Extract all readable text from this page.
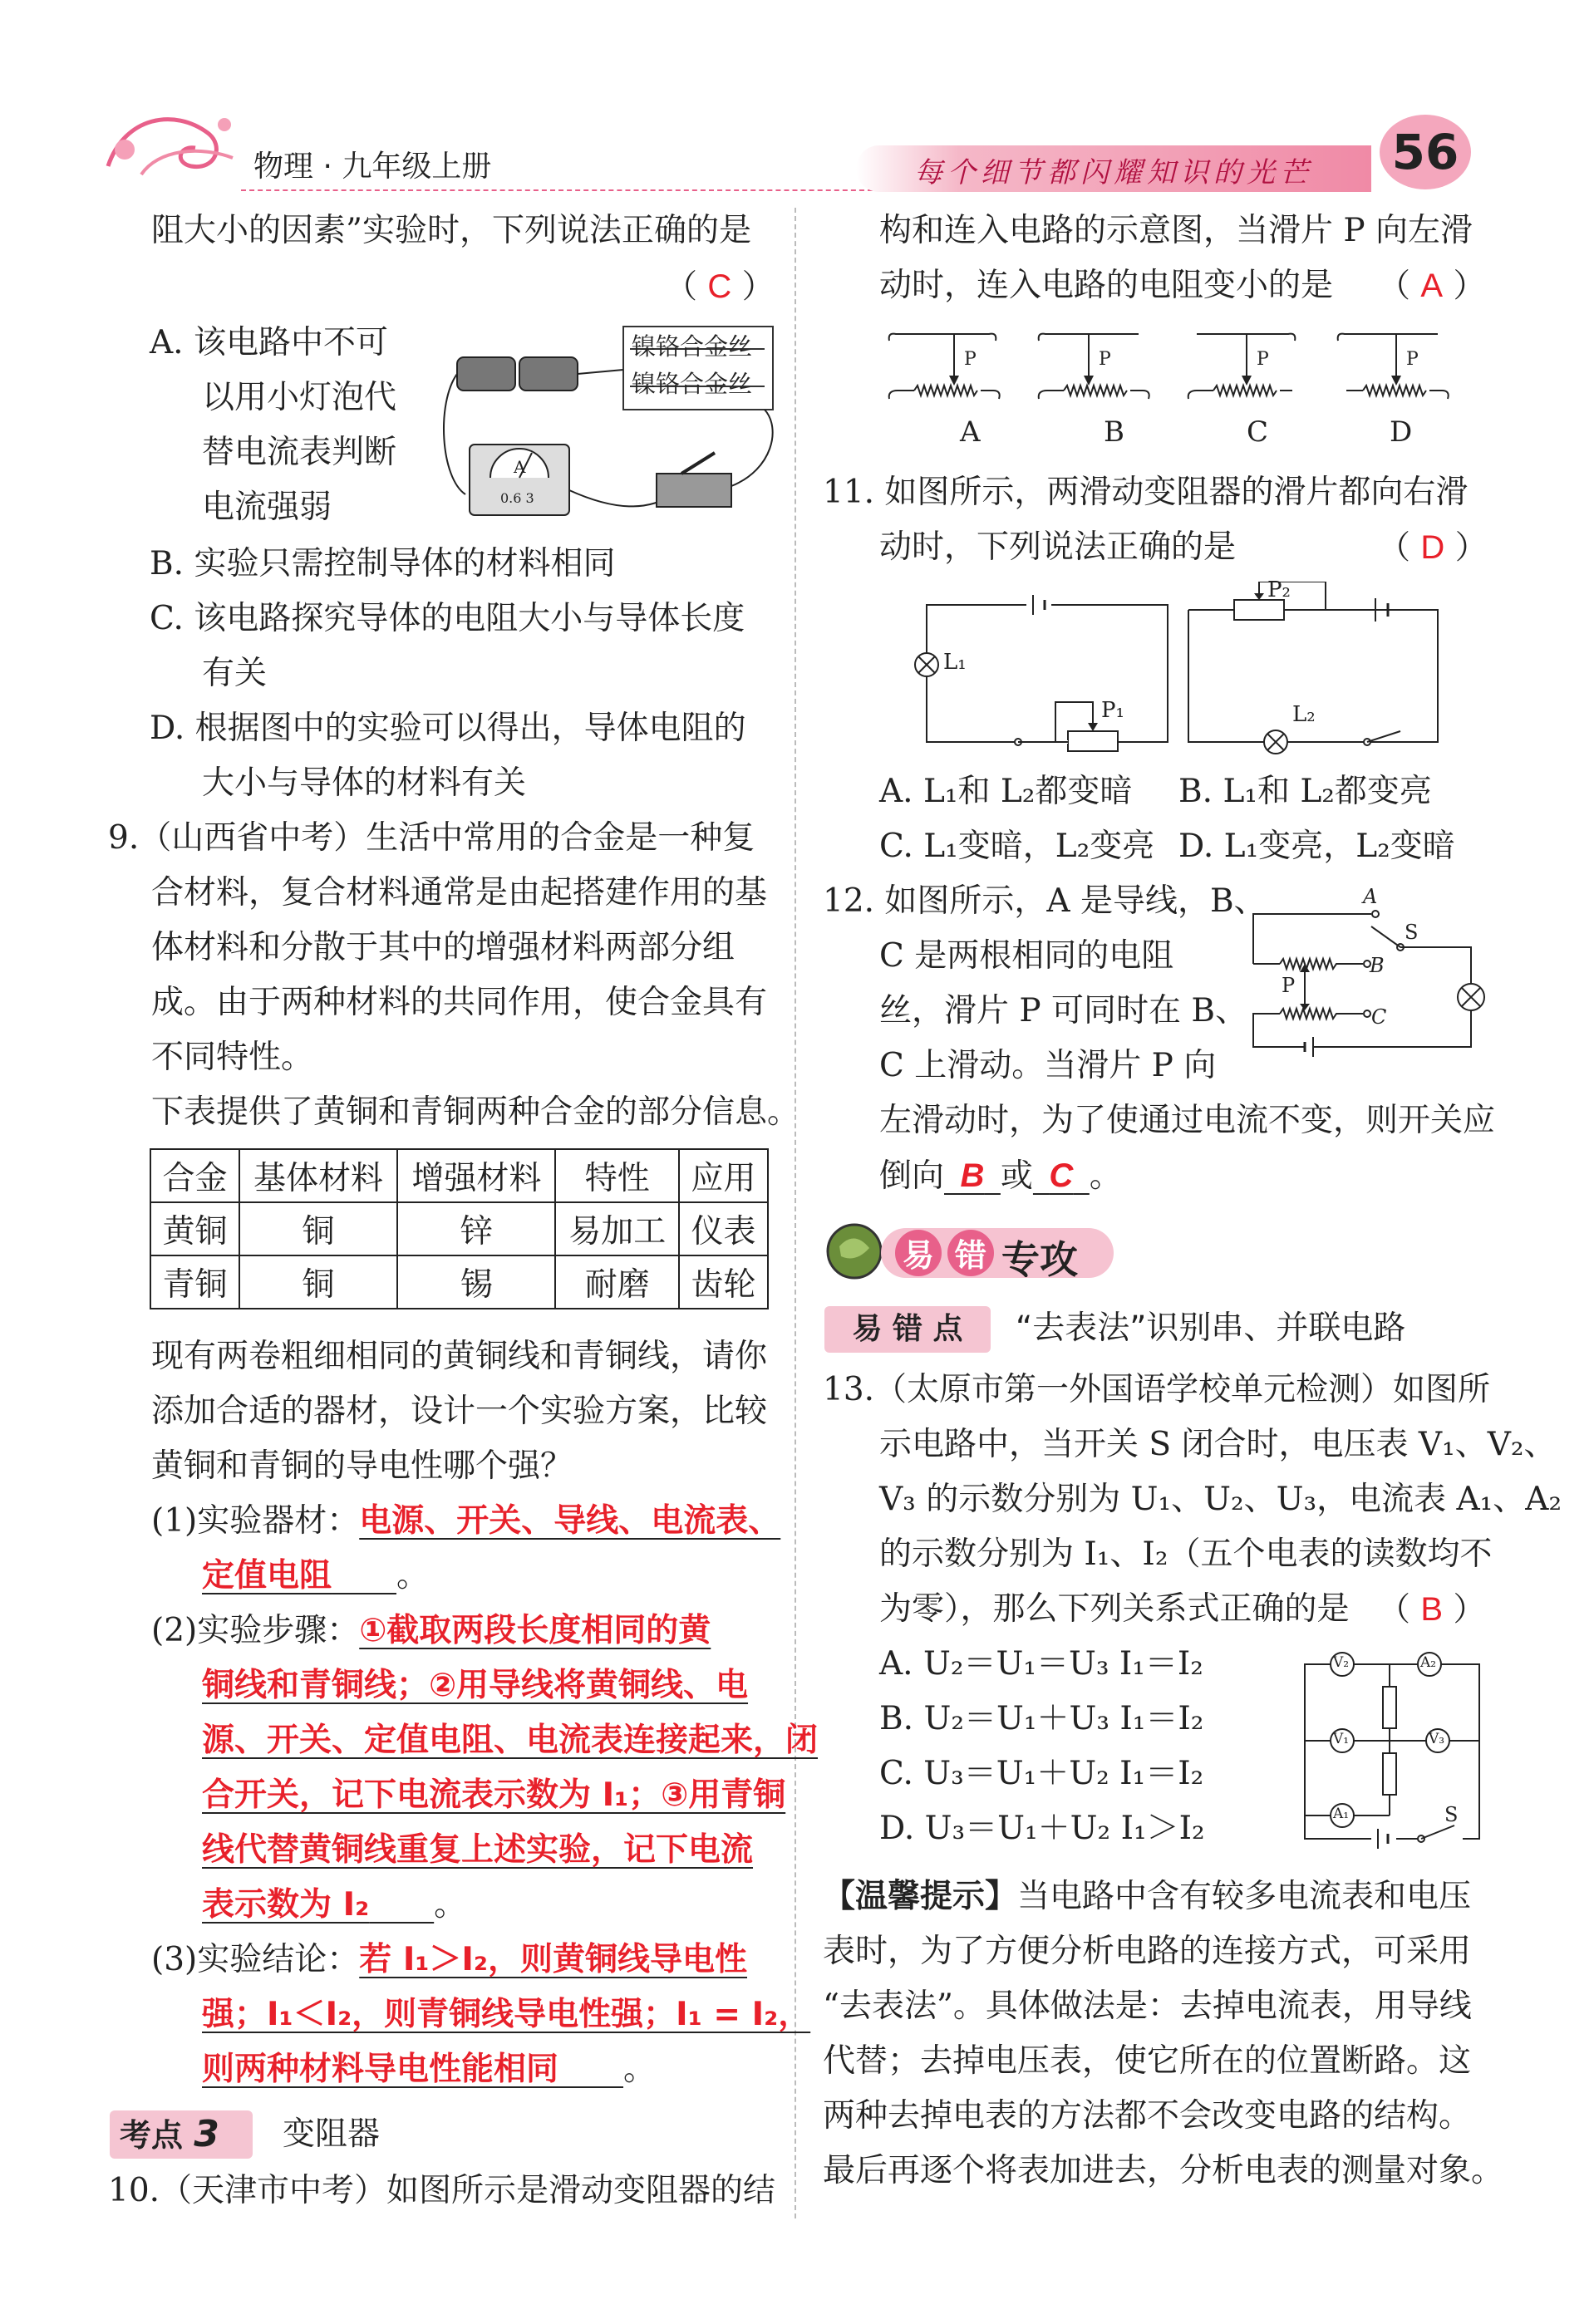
物理 · 九年级上册	每个细节都闪耀知识的光芒 56
阻大小的因素”实验时，下列说法正确的是
（ C ）
A. 该电路中不可
以用小灯泡代
替电流表判断
电流强弱
镍铬合金丝
镍铬合金丝
A
0.6 3
B. 实验只需控制导体的材料相同
C. 该电路探究导体的电阻大小与导体长度
有关
D. 根据图中的实验可以得出，导体电阻的
大小与导体的材料有关
9.（山西省中考）生活中常用的合金是一种复
合材料，复合材料通常是由起搭建作用的基
体材料和分散于其中的增强材料两部分组
成。由于两种材料的共同作用，使合金具有
不同特性。
下表提供了黄铜和青铜两种合金的部分信息。
合金	基体材料	增强材料	特性	应用
黄铜	铜	锌	易加工	仪表
青铜	铜	锡	耐磨	齿轮
现有两卷粗细相同的黄铜线和青铜线，请你
添加合适的器材，设计一个实验方案，比较
黄铜和青铜的导电性哪个强？
(1)实验器材：电源、开关、导线、电流表、
定值电阻   。
(2)实验步骤：①截取两段长度相同的黄
铜线和青铜线；②用导线将黄铜线、电
源、开关、定值电阻、电流表连接起来，闭
合开关，记下电流表示数为 I₁；③用青铜
线代替黄铜线重复上述实验，记下电流
表示数为 I₂   。
(3)实验结论：若 I₁＞I₂，则黄铜线导电性
强；I₁＜I₂，则青铜线导电性强；I₁ = I₂，
则两种材料导电性能相同   。
考点 3	变阻器
10.（天津市中考）如图所示是滑动变阻器的结
构和连入电路的示意图，当滑片 P 向左滑
动时，连入电路的电阻变小的是 （ A ）
P	P	P	P
A	B	C	D
11. 如图所示，两滑动变阻器的滑片都向右滑
动时，下列说法正确的是	（ D ）
L₁
P₁
P₂
L₂
A. L₁和 L₂都变暗 B. L₁和 L₂都变亮
C. L₁变暗，L₂变亮 D. L₁变亮，L₂变暗
12. 如图所示，A 是导线，B、
C 是两根相同的电阻
丝，滑片 P 可同时在 B、
C 上滑动。当滑片 P 向
左滑动时，为了使通过电流不变，则开关应
A
B
S
P
C
倒向  B  或  C  。
易 错 专攻
易 错 点	“去表法”识别串、并联电路
13.（太原市第一外国语学校单元检测）如图所
示电路中，当开关 S 闭合时，电压表 V₁、V₂、
V₃ 的示数分别为 U₁、U₂、U₃，电流表 A₁、A₂
的示数分别为 I₁、I₂（五个电表的读数均不
为零），那么下列关系式正确的是 （ B ）
A. U₂＝U₁＝U₃ I₁＝I₂
B. U₂＝U₁＋U₃ I₁＝I₂
C. U₃＝U₁＋U₂ I₁＝I₂
D. U₃＝U₁＋U₂ I₁＞I₂
V₂	A₂
V₁	V₃
A₁	S
【温馨提示】当电路中含有较多电流表和电压
表时，为了方便分析电路的连接方式，可采用
“去表法”。具体做法是：去掉电流表，用导线
代替；去掉电压表，使它所在的位置断路。这
两种去掉电表的方法都不会改变电路的结构。
最后再逐个将表加进去，分析电表的测量对象。
